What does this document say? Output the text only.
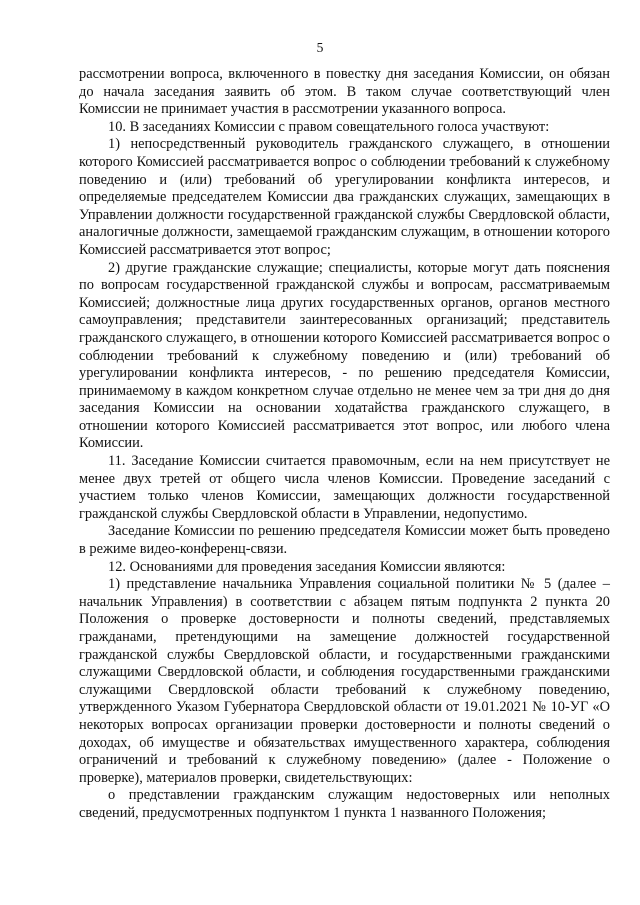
5

рассмотрении вопроса, включенного в повестку дня заседания Комиссии, он обязан до начала заседания заявить об этом. В таком случае соответствующий член Комиссии не принимает участия в рассмотрении указанного вопроса.

10. В заседаниях Комиссии с правом совещательного голоса участвуют:

1) непосредственный руководитель гражданского служащего, в отношении которого Комиссией рассматривается вопрос о соблюдении требований к служебному поведению и (или) требований об урегулировании конфликта интересов, и определяемые председателем Комиссии два гражданских служащих, замещающих в Управлении должности государственной гражданской службы Свердловской области, аналогичные должности, замещаемой гражданским служащим, в отношении которого Комиссией рассматривается этот вопрос;

2) другие гражданские служащие; специалисты, которые могут дать пояснения по вопросам государственной гражданской службы и вопросам, рассматриваемым Комиссией; должностные лица других государственных органов, органов местного самоуправления; представители заинтересованных организаций; представитель гражданского служащего, в отношении которого Комиссией рассматривается вопрос о соблюдении требований к служебному поведению и (или) требований об урегулировании конфликта интересов, - по решению председателя Комиссии, принимаемому в каждом конкретном случае отдельно не менее чем за три дня до дня заседания Комиссии на основании ходатайства гражданского служащего, в отношении которого Комиссией рассматривается этот вопрос, или любого члена Комиссии.

11. Заседание Комиссии считается правомочным, если на нем присутствует не менее двух третей от общего числа членов Комиссии. Проведение заседаний с участием только членов Комиссии, замещающих должности государственной гражданской службы Свердловской области в Управлении, недопустимо.

Заседание Комиссии по решению председателя Комиссии может быть проведено в режиме видео-конференц-связи.

12. Основаниями для проведения заседания Комиссии являются:

1) представление начальника Управления социальной политики № 5 (далее – начальник Управления) в соответствии с абзацем пятым подпункта 2 пункта 20 Положения о проверке достоверности и полноты сведений, представляемых гражданами, претендующими на замещение должностей государственной гражданской службы Свердловской области, и государственными гражданскими служащими Свердловской области, и соблюдения государственными гражданскими служащими Свердловской области требований к служебному поведению, утвержденного Указом Губернатора Свердловской области от 19.01.2021 № 10-УГ «О некоторых вопросах организации проверки достоверности и полноты сведений о доходах, об имуществе и обязательствах имущественного характера, соблюдения ограничений и требований к служебному поведению» (далее - Положение о проверке), материалов проверки, свидетельствующих:

о представлении гражданским служащим недостоверных или неполных сведений, предусмотренных подпунктом 1 пункта 1 названного Положения;
